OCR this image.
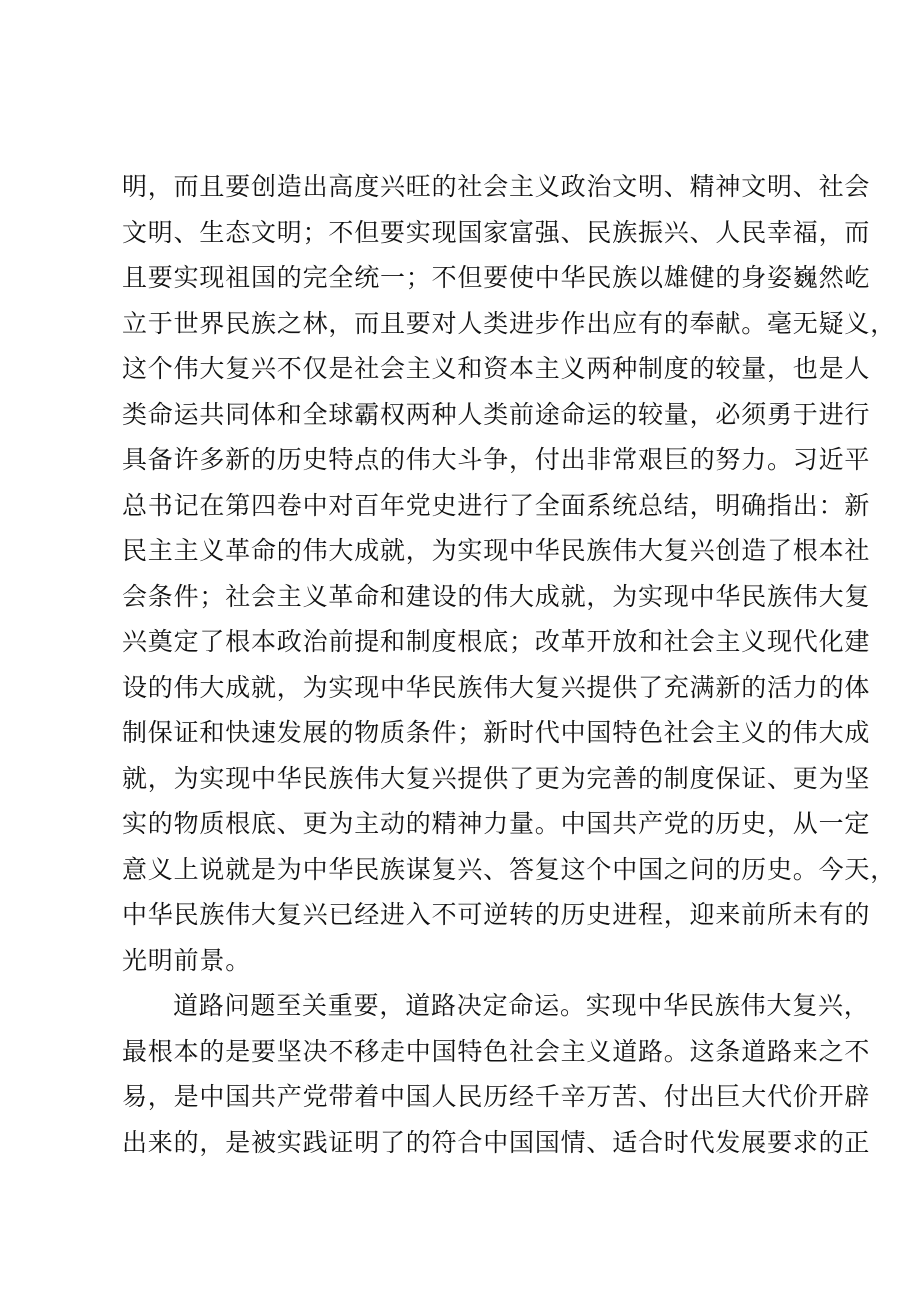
明，而且要创造出高度兴旺的社会主义政治文明、精神文明、社会
文明、生态文明；不但要实现国家富强、民族振兴、人民幸福，而
且要实现祖国的完全统一；不但要使中华民族以雄健的身姿巍然屹
立于世界民族之林，而且要对人类进步作出应有的奉献。毫无疑义，
这个伟大复兴不仅是社会主义和资本主义两种制度的较量，也是人
类命运共同体和全球霸权两种人类前途命运的较量，必须勇于进行
具备许多新的历史特点的伟大斗争，付出非常艰巨的努力。习近平
总书记在第四卷中对百年党史进行了全面系统总结，明确指出：新
民主主义革命的伟大成就，为实现中华民族伟大复兴创造了根本社
会条件；社会主义革命和建设的伟大成就，为实现中华民族伟大复
兴奠定了根本政治前提和制度根底；改革开放和社会主义现代化建
设的伟大成就，为实现中华民族伟大复兴提供了充满新的活力的体
制保证和快速发展的物质条件；新时代中国特色社会主义的伟大成
就，为实现中华民族伟大复兴提供了更为完善的制度保证、更为坚
实的物质根底、更为主动的精神力量。中国共产党的历史，从一定
意义上说就是为中华民族谋复兴、答复这个中国之问的历史。今天，
中华民族伟大复兴已经进入不可逆转的历史进程，迎来前所未有的
光明前景。
道路问题至关重要，道路决定命运。实现中华民族伟大复兴，
最根本的是要坚决不移走中国特色社会主义道路。这条道路来之不
易，是中国共产党带着中国人民历经千辛万苦、付出巨大代价开辟
出来的，是被实践证明了的符合中国国情、适合时代发展要求的正
